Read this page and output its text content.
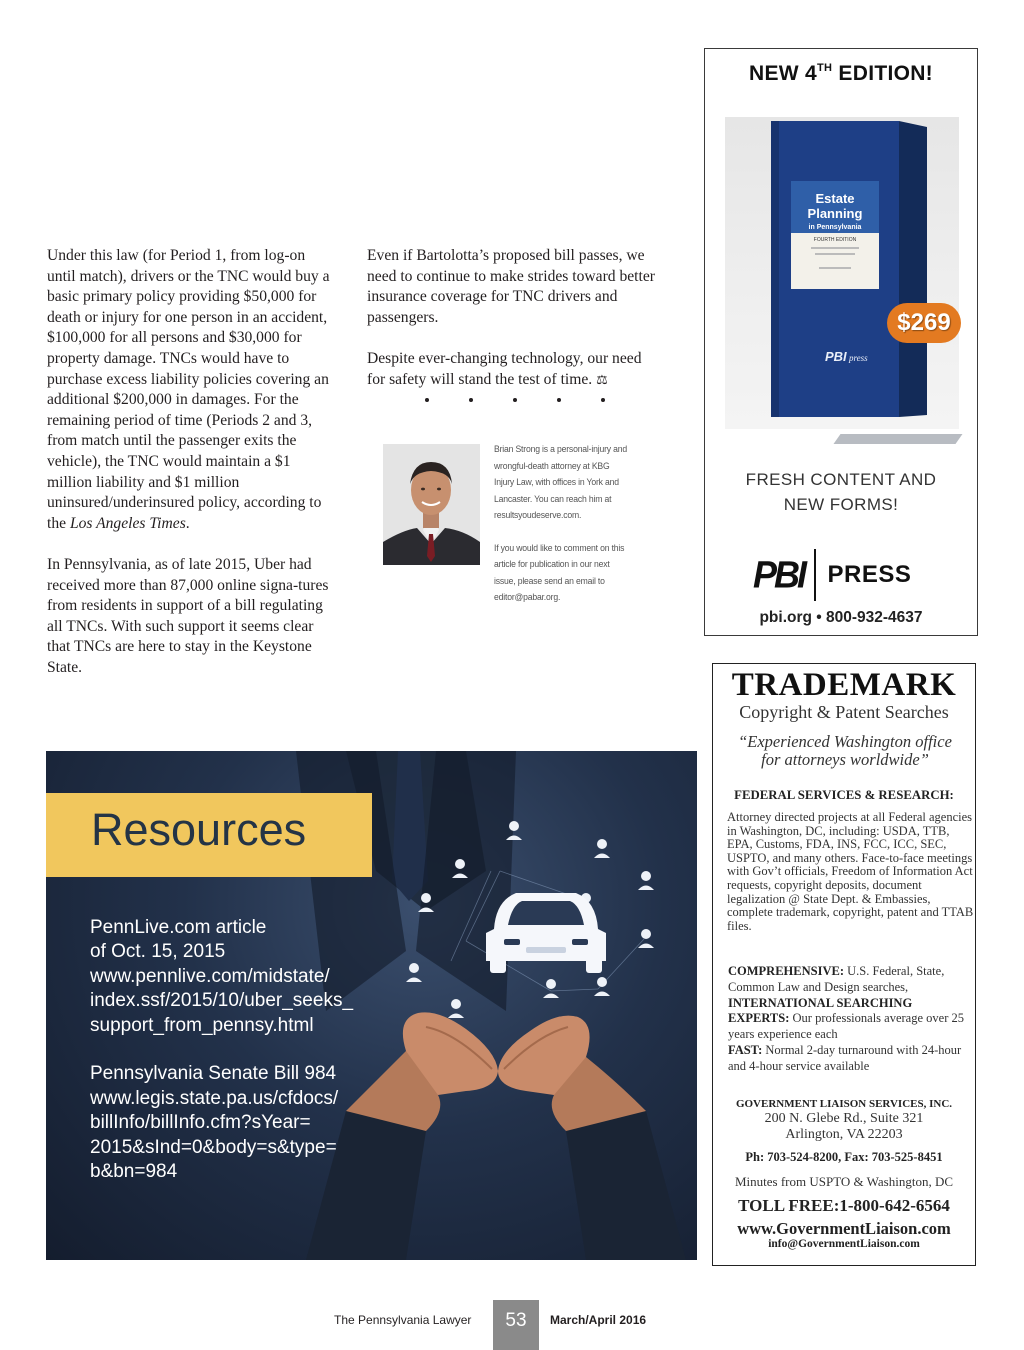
Under this law (for Period 1, from log-on until match), drivers or the TNC would buy a basic primary policy providing $50,000 for death or injury for one person in an accident, $100,000 for all persons and $30,000 for property damage. TNCs would have to purchase excess liability policies covering an additional $200,000 in damages. For the remaining period of time (Periods 2 and 3, from match until the passenger exits the vehicle), the TNC would maintain a $1 million liability and $1 million uninsured/underinsured policy, according to the Los Angeles Times.

In Pennsylvania, as of late 2015, Uber had received more than 87,000 online signa-tures from residents in support of a bill regulating all TNCs. With such support it seems clear that TNCs are here to stay in the Keystone State.

Even if Bartolotta’s proposed bill passes, we need to continue to make strides toward better insurance coverage for TNC drivers and passengers.

Despite ever-changing technology, our need for safety will stand the test of time. ⚖

Brian Strong is a personal-injury and wrongful-death attorney at KBG Injury Law, with offices in York and Lancaster. You can reach him at resultsyoudeserve.com.

If you would like to comment on this article for publication in our next issue, please send an email to editor@pabar.org.

NEW 4TH EDITION!
Estate
Planning
in Pennsylvania
FOURTH EDITION
PBI press
$269
FRESH CONTENT AND
NEW FORMS!
PBI PRESS
pbi.org • 800-932-4637
TRADEMARK
Copyright & Patent Searches
“Experienced Washington office
for attorneys worldwide”
FEDERAL SERVICES & RESEARCH:
Attorney directed projects at all Federal agencies in Washington, DC, including: USDA, TTB, EPA, Customs, FDA, INS, FCC, ICC, SEC, USPTO, and many others. Face-to-face meetings with Gov’t officials, Freedom of Information Act requests, copyright deposits, document legalization @ State Dept. & Embassies, complete trademark, copyright, patent and TTAB files.
COMPREHENSIVE: U.S. Federal, State, Common Law and Design searches,
INTERNATIONAL SEARCHING EXPERTS: Our professionals average over 25 years experience each
FAST: Normal 2-day turnaround with 24-hour and 4-hour service available
GOVERNMENT LIAISON SERVICES, INC.
200 N. Glebe Rd., Suite 321
Arlington, VA 22203
Ph: 703-524-8200, Fax: 703-525-8451
Minutes from USPTO & Washington, DC
TOLL FREE:1-800-642-6564
www.GovernmentLiaison.com
info@GovernmentLiaison.com
Resources

PennLive.com article
of Oct. 15, 2015
www.pennlive.com/midstate/
index.ssf/2015/10/uber_seeks_
support_from_pennsy.html

Pennsylvania Senate Bill 984
www.legis.state.pa.us/cfdocs/
billInfo/billInfo.cfm?sYear=
2015&sInd=0&body=s&type=
b&bn=984

The Pennsylvania Lawyer	53	March/April 2016
